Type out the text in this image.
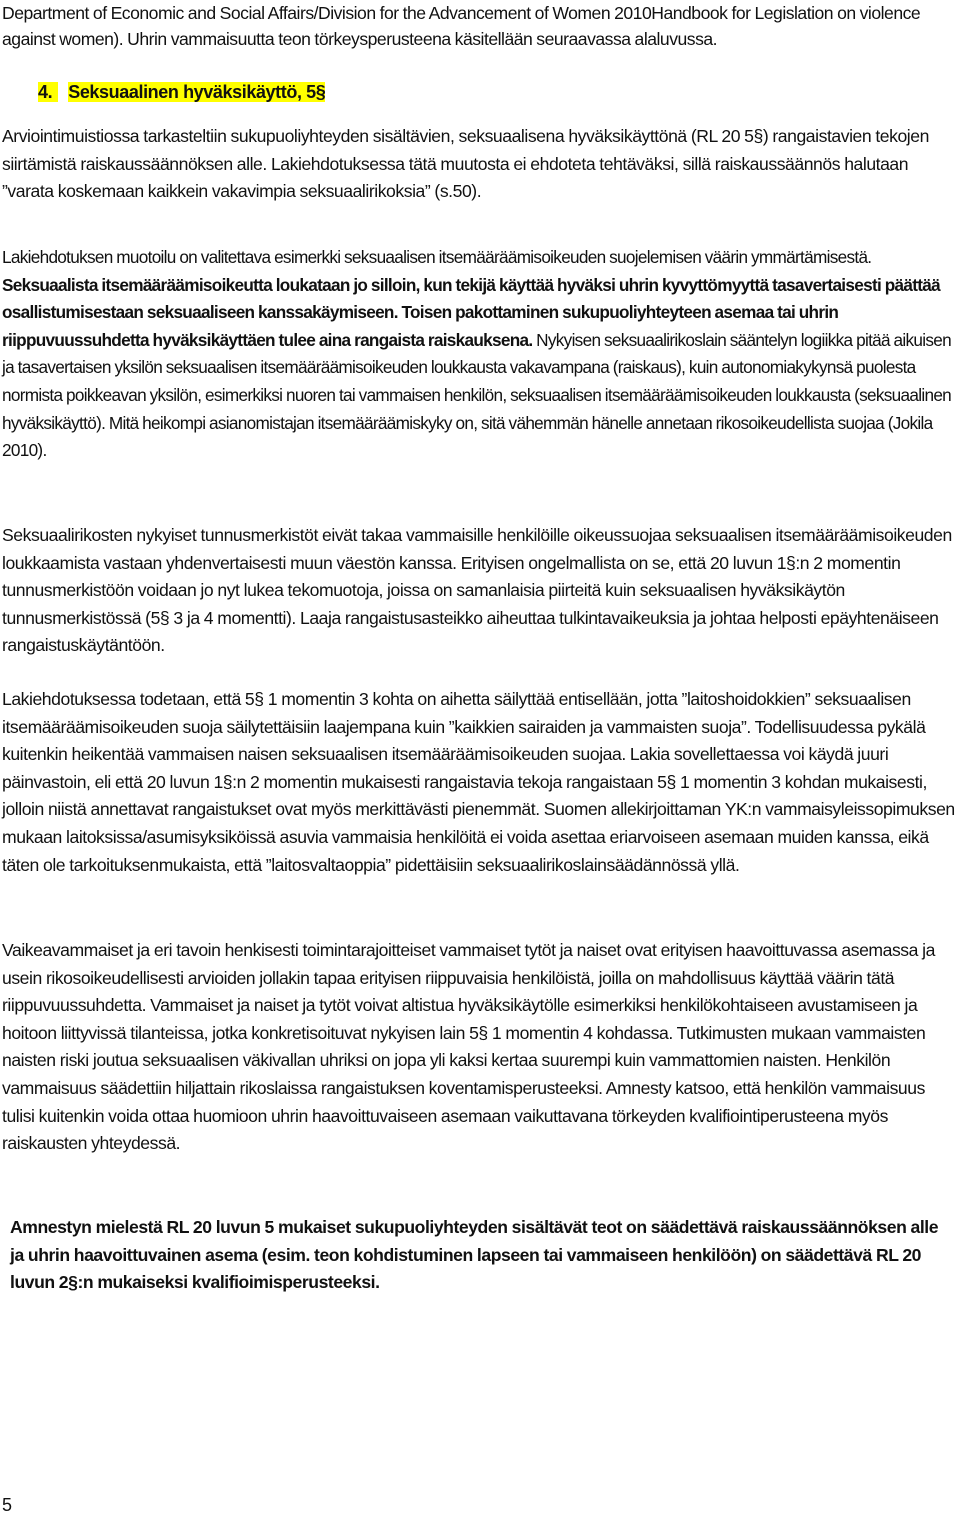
Department of Economic and Social Affairs/Division for the Advancement of Women 2010Handbook for Legislation on violence against women). Uhrin vammaisuutta teon törkeysperusteena käsitellään seuraavassa alaluvussa.

4. Seksuaalinen hyväksikäyttö, 5§

Arviointimuistiossa tarkasteltiin sukupuoliyhteyden sisältävien, seksuaalisena hyväksikäyttönä (RL 20 5§) rangaistavien tekojen siirtämistä raiskaussäännöksen alle. Lakiehdotuksessa tätä muutosta ei ehdoteta tehtäväksi, sillä raiskaussäännös halutaan ”varata koskemaan kaikkein vakavimpia seksuaalirikoksia” (s.50).

Lakiehdotuksen muotoilu on valitettava esimerkki seksuaalisen itsemääräämisoikeuden suojelemisen väärin ymmärtämisestä. Seksuaalista itsemääräämisoikeutta loukataan jo silloin, kun tekijä käyttää hyväksi uhrin kyvyttömyyttä tasavertaisesti päättää osallistumisestaan seksuaaliseen kanssakäymiseen. Toisen pakottaminen sukupuoliyhteyteen asemaa tai uhrin riippuvuussuhdetta hyväksikäyttäen tulee aina rangaista raiskauksena. Nykyisen seksuaalirikoslain sääntelyn logiikka pitää aikuisen ja tasavertaisen yksilön seksuaalisen itsemääräämisoikeuden loukkausta vakavampana (raiskaus), kuin autonomiakykynsä puolesta normista poikkeavan yksilön, esimerkiksi nuoren tai vammaisen henkilön, seksuaalisen itsemääräämisoikeuden loukkausta (seksuaalinen hyväksikäyttö). Mitä heikompi asianomistajan itsemääräämiskyky on, sitä vähemmän hänelle annetaan rikosoikeudellista suojaa (Jokila 2010).

Seksuaalirikosten nykyiset tunnusmerkistöt eivät takaa vammaisille henkilöille oikeussuojaa seksuaalisen itsemääräämisoikeuden loukkaamista vastaan yhdenvertaisesti muun väestön kanssa. Erityisen ongelmallista on se, että 20 luvun 1§:n 2 momentin tunnusmerkistöön voidaan jo nyt lukea tekomuotoja, joissa on samanlaisia piirteitä kuin seksuaalisen hyväksikäytön tunnusmerkistössä (5§ 3 ja 4 momentti). Laaja rangaistusasteikko aiheuttaa tulkintavaikeuksia ja johtaa helposti epäyhtenäiseen rangaistuskäytäntöön.

Lakiehdotuksessa todetaan, että 5§ 1 momentin 3 kohta on aihetta säilyttää entisellään, jotta ”laitoshoidokkien” seksuaalisen itsemääräämisoikeuden suoja säilytettäisiin laajempana kuin ”kaikkien sairaiden ja vammaisten suoja”. Todellisuudessa pykälä kuitenkin heikentää vammaisen naisen seksuaalisen itsemääräämisoikeuden suojaa. Lakia sovellettaessa voi käydä juuri päinvastoin, eli että 20 luvun 1§:n 2 momentin mukaisesti rangaistavia tekoja rangaistaan 5§ 1 momentin 3 kohdan mukaisesti, jolloin niistä annettavat rangaistukset ovat myös merkittävästi pienemmät. Suomen allekirjoittaman YK:n vammaisyleissopimuksen mukaan laitoksissa/asumisyksiköissä asuvia vammaisia henkilöitä ei voida asettaa eriarvoiseen asemaan muiden kanssa, eikä täten ole tarkoituksenmukaista, että ”laitosvaltaoppia” pidettäisiin seksuaalirikoslainsäädännössä yllä.

Vaikeavammaiset ja eri tavoin henkisesti toimintarajoitteiset vammaiset tytöt ja naiset ovat erityisen haavoittuvassa asemassa ja usein rikosoikeudellisesti arvioiden jollakin tapaa erityisen riippuvaisia henkilöistä, joilla on mahdollisuus käyttää väärin tätä riippuvuussuhdetta. Vammaiset ja naiset ja tytöt voivat altistua hyväksikäytölle esimerkiksi henkilökohtaiseen avustamiseen ja hoitoon liittyvissä tilanteissa, jotka konkretisoituvat nykyisen lain 5§ 1 momentin 4 kohdassa. Tutkimusten mukaan vammaisten naisten riski joutua seksuaalisen väkivallan uhriksi on jopa yli kaksi kertaa suurempi kuin vammattomien naisten. Henkilön vammaisuus säädettiin hiljattain rikoslaissa rangaistuksen koventamisperusteeksi. Amnesty katsoo, että henkilön vammaisuus tulisi kuitenkin voida ottaa huomioon uhrin haavoittuvaiseen asemaan vaikuttavana törkeyden kvalifiointiperusteena myös raiskausten yhteydessä.

Amnestyn mielestä RL 20 luvun 5 mukaiset sukupuoliyhteyden sisältävät teot on säädettävä raiskaussäännöksen alle ja uhrin haavoittuvainen asema (esim. teon kohdistuminen lapseen tai vammaiseen henkilöön) on säädettävä RL 20 luvun 2§:n mukaiseksi kvalifioimisperusteeksi.

5
